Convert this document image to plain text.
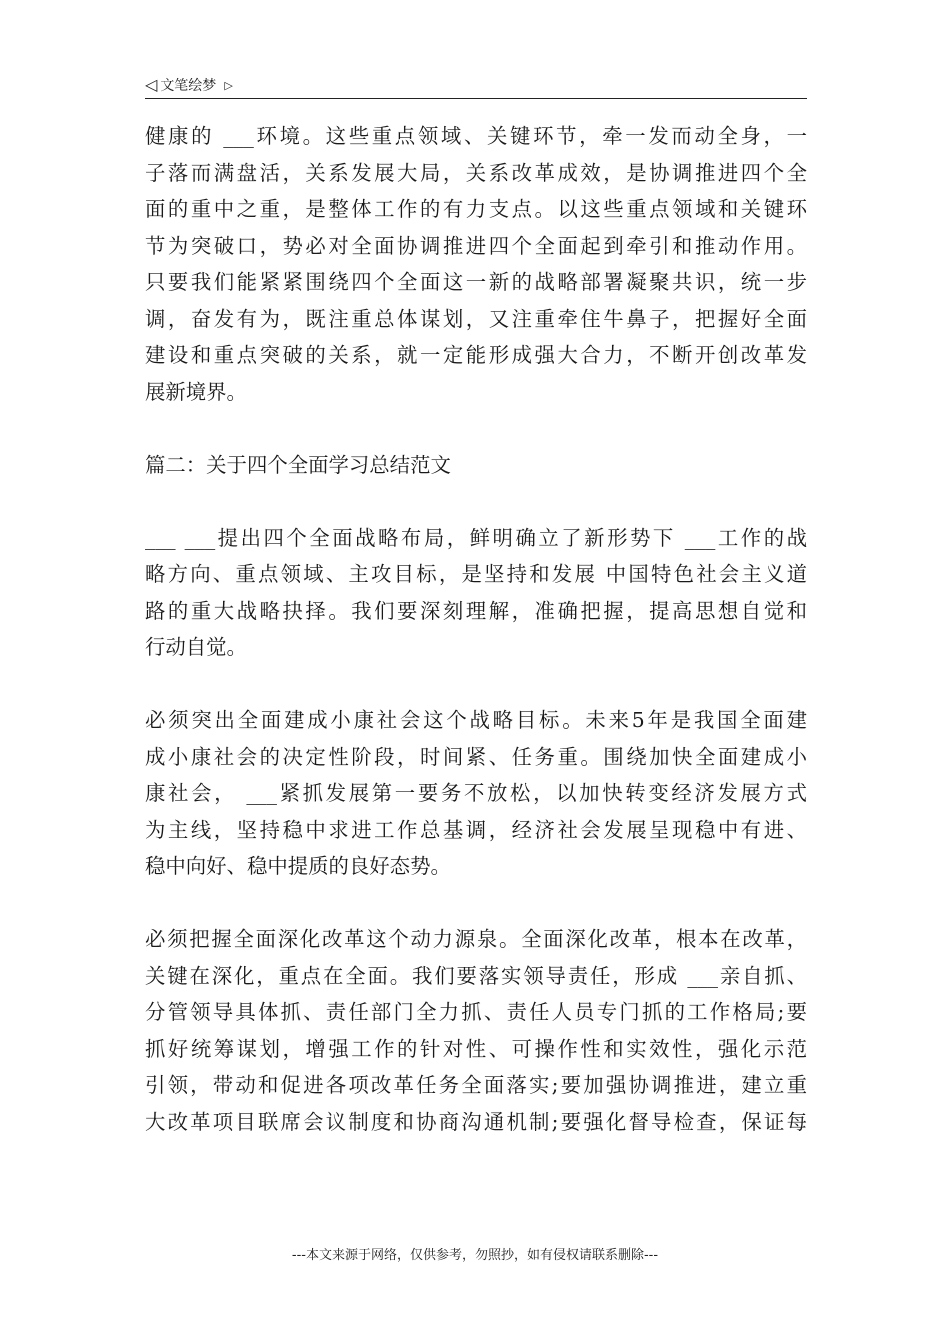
◁ 文笔绘梦 ▷
健康的 ___环境。这些重点领域、关键环节，牵一发而动全身，一
子落而满盘活，关系发展大局，关系改革成效，是协调推进四个全
面的重中之重，是整体工作的有力支点。以这些重点领域和关键环
节为突破口，势必对全面协调推进四个全面起到牵引和推动作用。
只要我们能紧紧围绕四个全面这一新的战略部署凝聚共识，统一步
调，奋发有为，既注重总体谋划，又注重牵住牛鼻子，把握好全面
建设和重点突破的关系，就一定能形成强大合力，不断开创改革发
展新境界。
篇二：关于四个全面学习总结范文
___ ___提出四个全面战略布局，鲜明确立了新形势下 ___工作的战
略方向、重点领域、主攻目标，是坚持和发展 中国特色社会主义道
路的重大战略抉择。我们要深刻理解，准确把握，提高思想自觉和
行动自觉。
必须突出全面建成小康社会这个战略目标。未来5年是我国全面建
成小康社会的决定性阶段，时间紧、任务重。围绕加快全面建成小
康社会， ___紧抓发展第一要务不放松，以加快转变经济发展方式
为主线，坚持稳中求进工作总基调，经济社会发展呈现稳中有进、
稳中向好、稳中提质的良好态势。
必须把握全面深化改革这个动力源泉。全面深化改革，根本在改革，
关键在深化，重点在全面。我们要落实领导责任，形成 ___亲自抓、
分管领导具体抓、责任部门全力抓、责任人员专门抓的工作格局;要
抓好统筹谋划，增强工作的针对性、可操作性和实效性，强化示范
引领，带动和促进各项改革任务全面落实;要加强协调推进，建立重
大改革项目联席会议制度和协商沟通机制;要强化督导检查，保证每
---本文来源于网络，仅供参考，勿照抄，如有侵权请联系删除---
